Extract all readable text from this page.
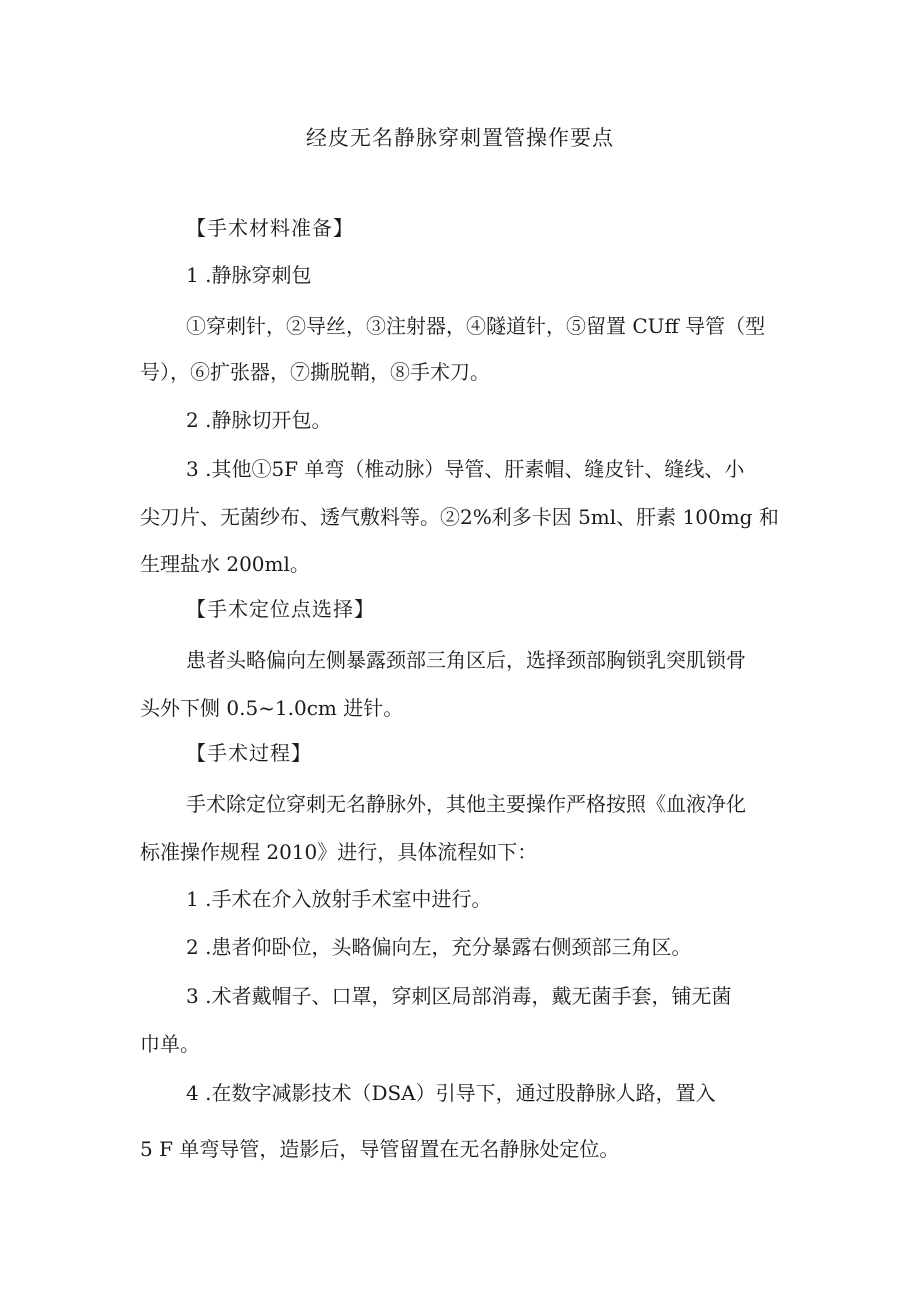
经皮无名静脉穿刺置管操作要点
【手术材料准备】
1 .静脉穿刺包
①穿刺针，②导丝，③注射器，④隧道针，⑤留置 CUff 导管（型
号），⑥扩张器，⑦撕脱鞘，⑧手术刀。
2 .静脉切开包。
3 .其他①5F 单弯（椎动脉）导管、肝素帽、缝皮针、缝线、小
尖刀片、无菌纱布、透气敷料等。②2%利多卡因 5ml、肝素 100mg 和
生理盐水 200ml。
【手术定位点选择】
患者头略偏向左侧暴露颈部三角区后，选择颈部胸锁乳突肌锁骨
头外下侧 0.5~1.0cm 进针。
【手术过程】
手术除定位穿刺无名静脉外，其他主要操作严格按照《血液净化
标准操作规程 2010》进行，具体流程如下：
1 .手术在介入放射手术室中进行。
2 .患者仰卧位，头略偏向左，充分暴露右侧颈部三角区。
3 .术者戴帽子、口罩，穿刺区局部消毒，戴无菌手套，铺无菌
巾单。
4 .在数字减影技术（DSA）引导下，通过股静脉人路，置入
5 F 单弯导管，造影后，导管留置在无名静脉处定位。
